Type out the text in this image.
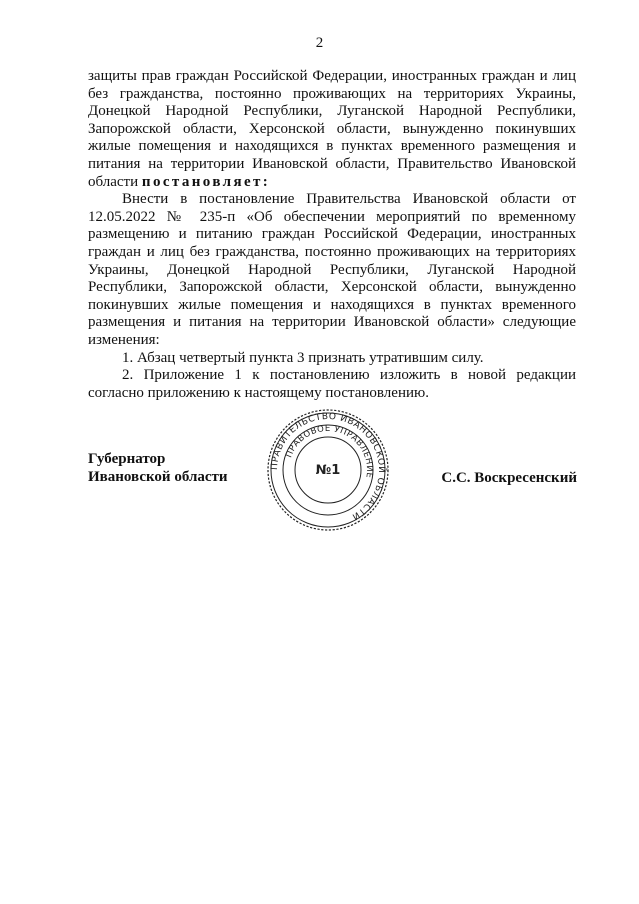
2

защиты прав граждан Российской Федерации, иностранных граждан и лиц без гражданства, постоянно проживающих на территориях Украины, Донецкой Народной Республики, Луганской Народной Республики, Запорожской области, Херсонской области, вынужденно покинувших жилые помещения и находящихся в пунктах временного размещения и питания на территории Ивановской области, Правительство Ивановской области постановляет:

Внести в постановление Правительства Ивановской области от 12.05.2022 № 235-п «Об обеспечении мероприятий по временному размещению и питанию граждан Российской Федерации, иностранных граждан и лиц без гражданства, постоянно проживающих на территориях Украины, Донецкой Народной Республики, Луганской Народной Республики, Запорожской области, Херсонской области, вынужденно покинувших жилые помещения и находящихся в пунктах временного размещения и питания на территории Ивановской области» следующие изменения:

1. Абзац четвертый пункта 3 признать утратившим силу.

2. Приложение 1 к постановлению изложить в новой редакции согласно приложению к настоящему постановлению.

Губернатор
Ивановской области
ПРАВИТЕЛЬСТВО ИВАНОВСКОЙ ОБЛАСТИ
ПРАВОВОЕ УПРАВЛЕНИЕ
№1	С.С. Воскресенский
